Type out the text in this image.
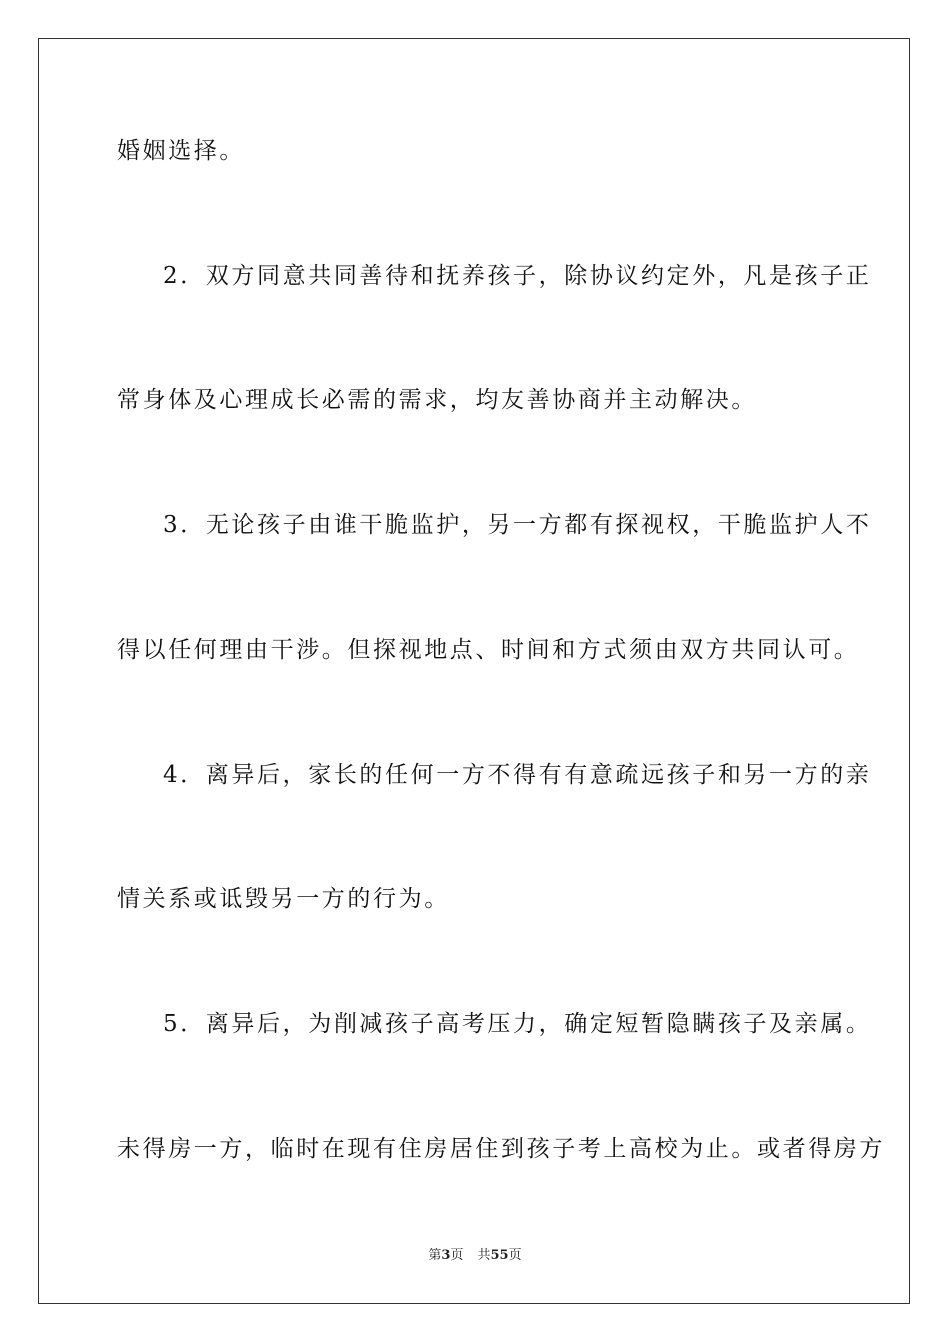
婚姻选择。
2．双方同意共同善待和抚养孩子，除协议约定外，凡是孩子正
常身体及心理成长必需的需求，均友善协商并主动解决。
3．无论孩子由谁干脆监护，另一方都有探视权，干脆监护人不
得以任何理由干涉。但探视地点、时间和方式须由双方共同认可。
4．离异后，家长的任何一方不得有有意疏远孩子和另一方的亲
情关系或诋毁另一方的行为。
5．离异后，为削减孩子高考压力，确定短暂隐瞒孩子及亲属。
未得房一方，临时在现有住房居住到孩子考上高校为止。或者得房方
第3页 共55页
